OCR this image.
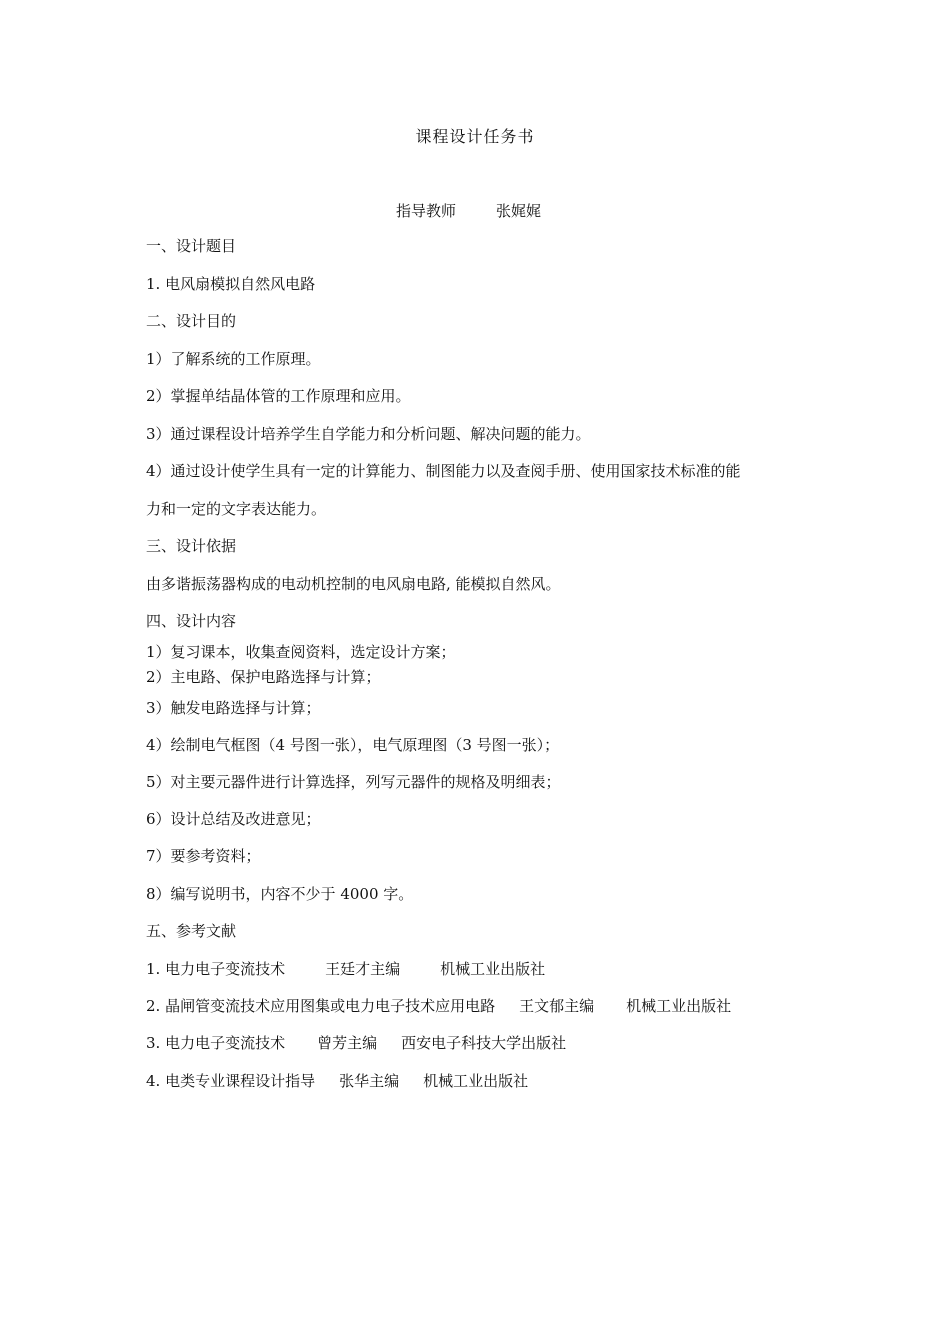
课程设计任务书
指导教师	张娓娓
一、设计题目
1. 电风扇模拟自然风电路
二、设计目的
1）了解系统的工作原理。
2）掌握单结晶体管的工作原理和应用。
3）通过课程设计培养学生自学能力和分析问题、解决问题的能力。
4）通过设计使学生具有一定的计算能力、制图能力以及查阅手册、使用国家技术标准的能
力和一定的文字表达能力。
三、设计依据
由多谐振荡器构成的电动机控制的电风扇电路, 能模拟自然风。
四、设计内容
1）复习课本，收集查阅资料，选定设计方案；
2）主电路、保护电路选择与计算；
3）触发电路选择与计算；
4）绘制电气框图（4 号图一张），电气原理图（3 号图一张）；
5）对主要元器件进行计算选择，列写元器件的规格及明细表；
6）设计总结及改进意见；
7）要参考资料；
8）编写说明书，内容不少于 4000 字。
五、参考文献
1. 电力电子变流技术	王廷才主编	机械工业出版社
2. 晶闸管变流技术应用图集或电力电子技术应用电路 王文郁主编 机械工业出版社
3. 电力电子变流技术 曾芳主编 西安电子科技大学出版社
4. 电类专业课程设计指导 张华主编 机械工业出版社
